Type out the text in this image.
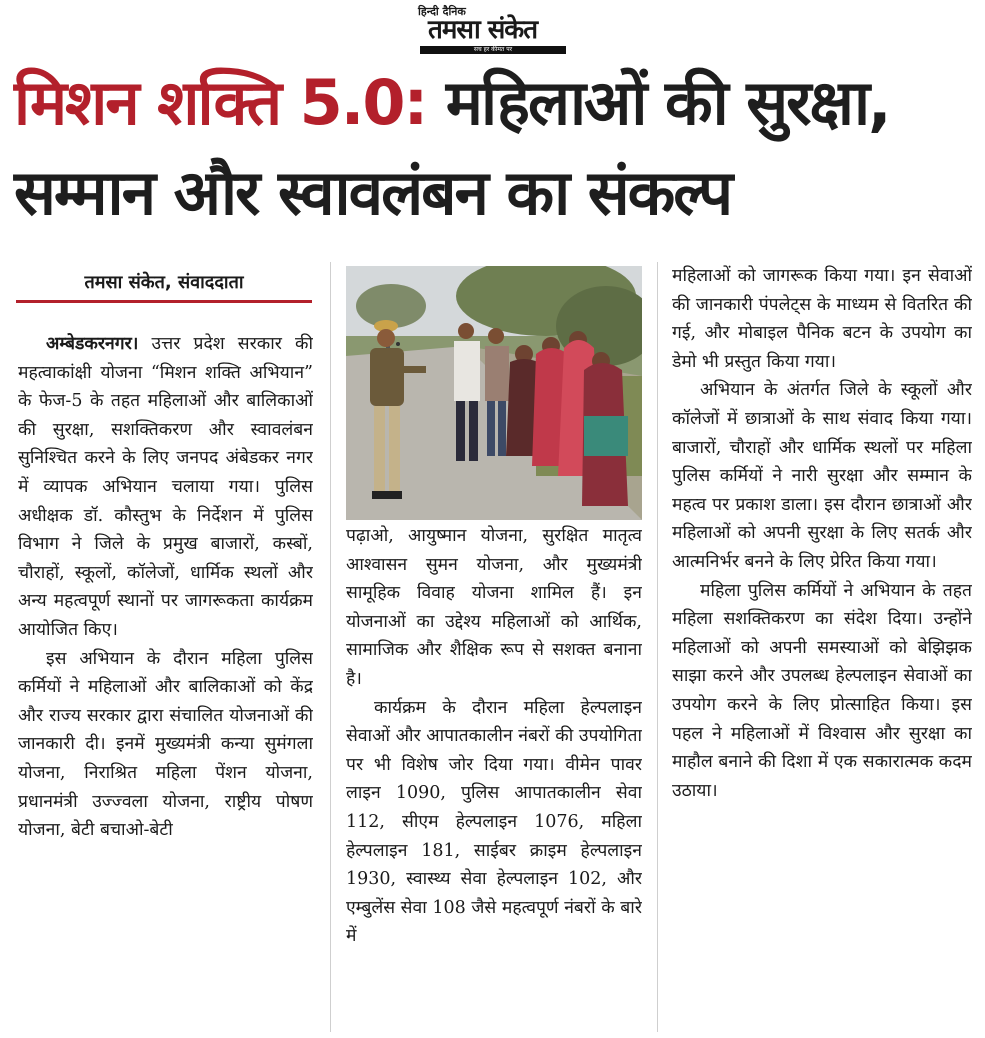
हिन्दी दैनिक
तमसा संकेत
सच हर कीमत पर
मिशन शक्ति 5.0: महिलाओं की सुरक्षा, सम्मान और स्वावलंबन का संकल्प
तमसा संकेत, संवाददाता

अम्बेडकरनगर। उत्तर प्रदेश सरकार की महत्वाकांक्षी योजना “मिशन शक्ति अभियान” के फेज-5 के तहत महिलाओं और बालिकाओं की सुरक्षा, सशक्तिकरण और स्वावलंबन सुनिश्चित करने के लिए जनपद अंबेडकर नगर में व्यापक अभियान चलाया गया। पुलिस अधीक्षक डॉ. कौस्तुभ के निर्देशन में पुलिस विभाग ने जिले के प्रमुख बाजारों, कस्बों, चौराहों, स्कूलों, कॉलेजों, धार्मिक स्थलों और अन्य महत्वपूर्ण स्थानों पर जागरूकता कार्यक्रम आयोजित किए।

इस अभियान के दौरान महिला पुलिस कर्मियों ने महिलाओं और बालिकाओं को केंद्र और राज्य सरकार द्वारा संचालित योजनाओं की जानकारी दी। इनमें मुख्यमंत्री कन्या सुमंगला योजना, निराश्रित महिला पेंशन योजना, प्रधानमंत्री उज्ज्वला योजना, राष्ट्रीय पोषण योजना, बेटी बचाओ-बेटी

पढ़ाओ, आयुष्मान योजना, सुरक्षित मातृत्व आश्वासन सुमन योजना, और मुख्यमंत्री सामूहिक विवाह योजना शामिल हैं। इन योजनाओं का उद्देश्य महिलाओं को आर्थिक, सामाजिक और शैक्षिक रूप से सशक्त बनाना है।

कार्यक्रम के दौरान महिला हेल्पलाइन सेवाओं और आपातकालीन नंबरों की उपयोगिता पर भी विशेष जोर दिया गया। वीमेन पावर लाइन 1090, पुलिस आपातकालीन सेवा 112, सीएम हेल्पलाइन 1076, महिला हेल्पलाइन 181, साईबर क्राइम हेल्पलाइन 1930, स्वास्थ्य सेवा हेल्पलाइन 102, और एम्बुलेंस सेवा 108 जैसे महत्वपूर्ण नंबरों के बारे में

महिलाओं को जागरूक किया गया। इन सेवाओं की जानकारी पंपलेट्स के माध्यम से वितरित की गई, और मोबाइल पैनिक बटन के उपयोग का डेमो भी प्रस्तुत किया गया।

अभियान के अंतर्गत जिले के स्कूलों और कॉलेजों में छात्राओं के साथ संवाद किया गया। बाजारों, चौराहों और धार्मिक स्थलों पर महिला पुलिस कर्मियों ने नारी सुरक्षा और सम्मान के महत्व पर प्रकाश डाला। इस दौरान छात्राओं और महिलाओं को अपनी सुरक्षा के लिए सतर्क और आत्मनिर्भर बनने के लिए प्रेरित किया गया।

महिला पुलिस कर्मियों ने अभियान के तहत महिला सशक्तिकरण का संदेश दिया। उन्होंने महिलाओं को अपनी समस्याओं को बेझिझक साझा करने और उपलब्ध हेल्पलाइन सेवाओं का उपयोग करने के लिए प्रोत्साहित किया। इस पहल ने महिलाओं में विश्वास और सुरक्षा का माहौल बनाने की दिशा में एक सकारात्मक कदम उठाया।
